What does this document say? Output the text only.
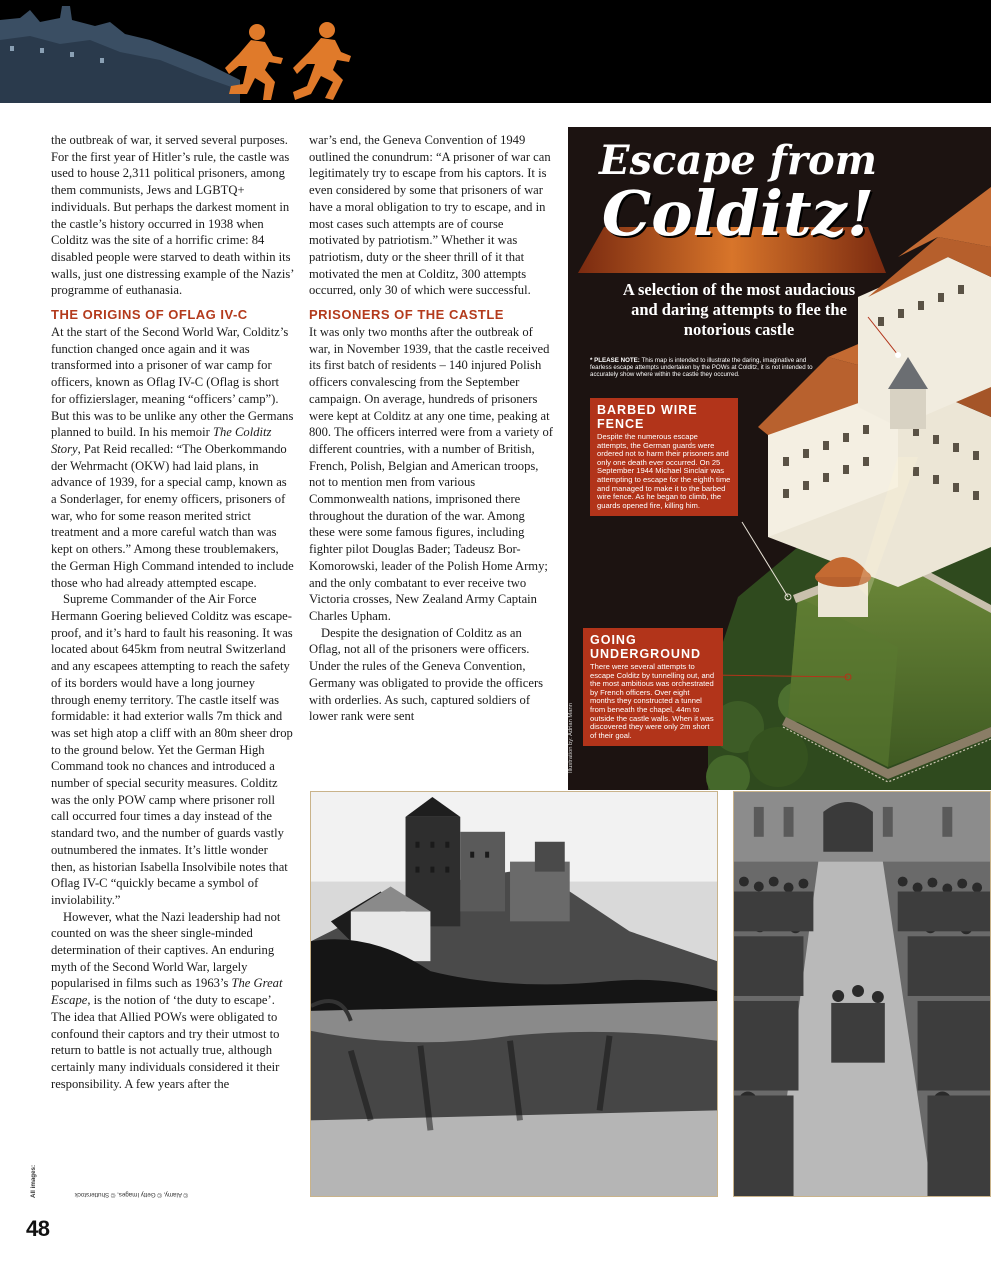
the outbreak of war, it served several purposes. For the first year of Hitler’s rule, the castle was used to house 2,311 political prisoners, among them communists, Jews and LGBTQ+ individuals. But perhaps the darkest moment in the castle’s history occurred in 1938 when Colditz was the site of a horrific crime: 84 disabled people were starved to death within its walls, just one distressing example of the Nazis’ programme of euthanasia.

THE ORIGINS OF OFLAG IV-C

At the start of the Second World War, Colditz’s function changed once again and it was transformed into a prisoner of war camp for officers, known as Oflag IV-C (Oflag is short for offizierslager, meaning “officers’ camp”). But this was to be unlike any other the Germans planned to build. In his memoir The Colditz Story, Pat Reid recalled: “The Oberkommando der Wehrmacht (OKW) had laid plans, in advance of 1939, for a special camp, known as a Sonderlager, for enemy officers, prisoners of war, who for some reason merited strict treatment and a more careful watch than was kept on others.” Among these troublemakers, the German High Command intended to include those who had already attempted escape.

Supreme Commander of the Air Force Hermann Goering believed Colditz was escape-proof, and it’s hard to fault his reasoning. It was located about 645km from neutral Switzerland and any escapees attempting to reach the safety of its borders would have a long journey through enemy territory. The castle itself was formidable: it had exterior walls 7m thick and was set high atop a cliff with an 80m sheer drop to the ground below. Yet the German High Command took no chances and introduced a number of special security measures. Colditz was the only POW camp where prisoner roll call occurred four times a day instead of the standard two, and the number of guards vastly outnumbered the inmates. It’s little wonder then, as historian Isabella Insolvibile notes that Oflag IV-C “quickly became a symbol of inviolability.”

However, what the Nazi leadership had not counted on was the sheer single-minded determination of their captives. An enduring myth of the Second World War, largely popularised in films such as 1963’s The Great Escape, is the notion of ‘the duty to escape’. The idea that Allied POWs were obligated to confound their captors and try their utmost to return to battle is not actually true, although certainly many individuals considered it their responsibility. A few years after the

war’s end, the Geneva Convention of 1949 outlined the conundrum: “A prisoner of war can legitimately try to escape from his captors. It is even considered by some that prisoners of war have a moral obligation to try to escape, and in most cases such attempts are of course motivated by patriotism.” Whether it was patriotism, duty or the sheer thrill of it that motivated the men at Colditz, 300 attempts occurred, only 30 of which were successful.

PRISONERS OF THE CASTLE

It was only two months after the outbreak of war, in November 1939, that the castle received its first batch of residents – 140 injured Polish officers convalescing from the September campaign. On average, hundreds of prisoners were kept at Colditz at any one time, peaking at 800. The officers interred were from a variety of different countries, with a number of British, French, Polish, Belgian and American troops, not to mention men from various Commonwealth nations, imprisoned there throughout the duration of the war. Among these were some famous figures, including fighter pilot Douglas Bader; Tadeusz Bor-Komorowski, leader of the Polish Home Army; and the only combatant to ever receive two Victoria crosses, New Zealand Army Captain Charles Upham.

Despite the designation of Colditz as an Oflag, not all of the prisoners were officers. Under the rules of the Geneva Convention, Germany was obligated to provide the officers with orderlies. As such, captured soldiers of lower rank were sent

Escape from
Colditz!
A selection of the most audacious and daring attempts to flee the notorious castle
* PLEASE NOTE: This map is intended to illustrate the daring, imaginative and fearless escape attempts undertaken by the POWs at Colditz, it is not intended to accurately show where within the castle they occurred.
BARBED WIRE FENCE

Despite the numerous escape attempts, the German guards were ordered not to harm their prisoners and only one death ever occurred. On 25 September 1944 Michael Sinclair was attempting to escape for the eighth time and managed to make it to the barbed wire fence. As he began to climb, the guards opened fire, killing him.

GOING UNDERGROUND

There were several attempts to escape Colditz by tunnelling out, and the most ambitious was orchestrated by French officers. Over eight months they constructed a tunnel from beneath the chapel, 44m to outside the castle walls. When it was discovered they were only 2m short of their goal.

Illustration by: Adrian Mann
All images:	© Alamy, © Getty Images, © Shutterstock
48
